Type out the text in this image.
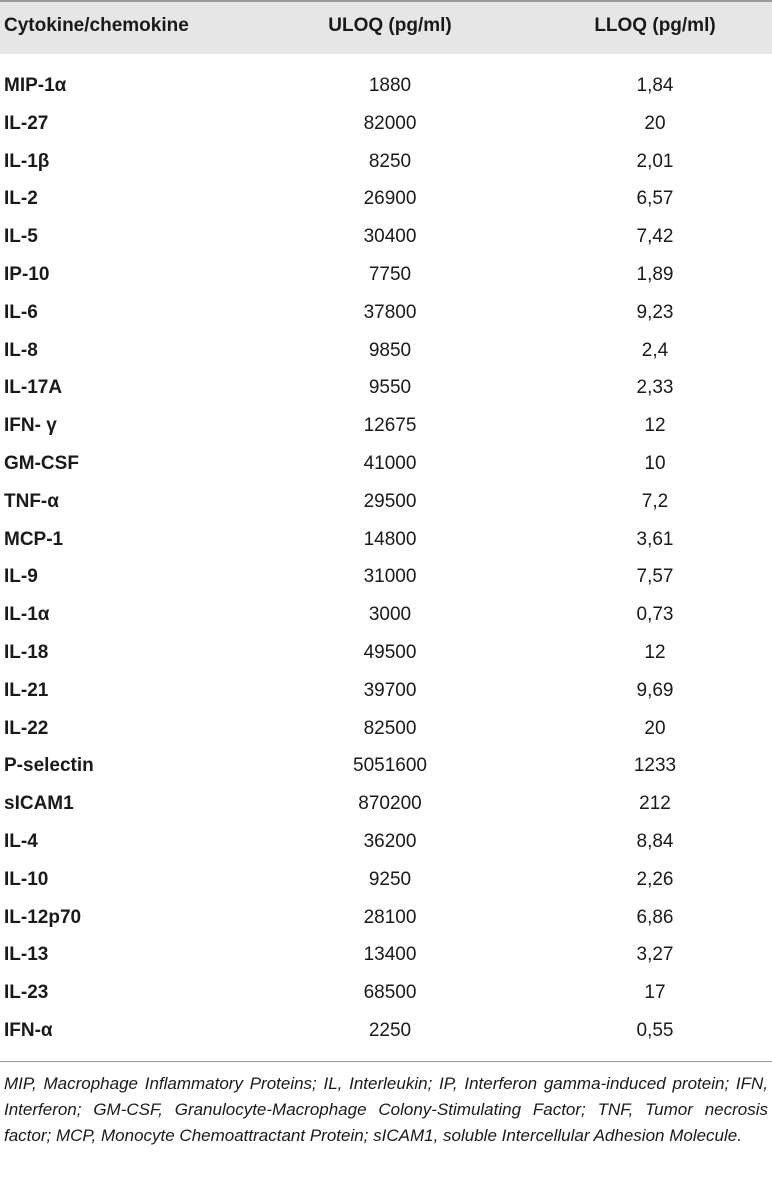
Cytokine/chemokine	ULOQ (pg/ml)	LLOQ (pg/ml)
MIP-1α	1880	1,84
IL-27	82000	20
IL-1β	8250	2,01
IL-2	26900	6,57
IL-5	30400	7,42
IP-10	7750	1,89
IL-6	37800	9,23
IL-8	9850	2,4
IL-17A	9550	2,33
IFN- γ	12675	12
GM-CSF	41000	10
TNF-α	29500	7,2
MCP-1	14800	3,61
IL-9	31000	7,57
IL-1α	3000	0,73
IL-18	49500	12
IL-21	39700	9,69
IL-22	82500	20
P-selectin	5051600	1233
sICAM1	870200	212
IL-4	36200	8,84
IL-10	9250	2,26
IL-12p70	28100	6,86
IL-13	13400	3,27
IL-23	68500	17
IFN-α	2250	0,55
MIP, Macrophage Inflammatory Proteins; IL, Interleukin; IP, Interferon gamma-induced protein; IFN, Interferon; GM-CSF, Granulocyte-Macrophage Colony-Stimulating Factor; TNF, Tumor necrosis factor; MCP, Monocyte Chemoattractant Protein; sICAM1, soluble Intercellular Adhesion Molecule.
